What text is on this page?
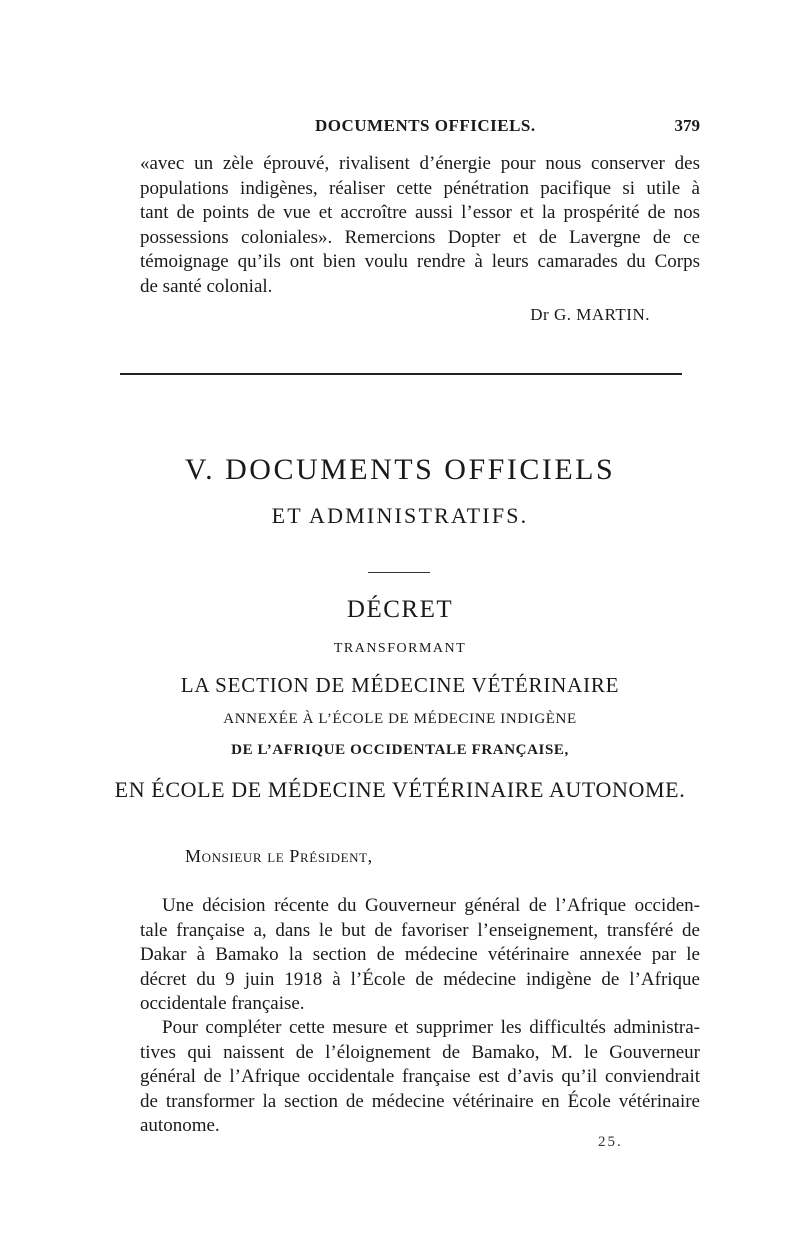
DOCUMENTS OFFICIELS.	379
«avec un zèle éprouvé, rivalisent d’énergie pour nous conserver des
populations indigènes, réaliser cette pénétration pacifique si utile à
tant de points de vue et accroître aussi l’essor et la prospérité de nos
possessions coloniales». Remercions Dopter et de Lavergne de ce
témoignage qu’ils ont bien voulu rendre à leurs camarades du Corps
de santé colonial.
Dr G. MARTIN.
V. DOCUMENTS OFFICIELS
ET ADMINISTRATIFS.
DÉCRET
TRANSFORMANT
LA SECTION DE MÉDECINE VÉTÉRINAIRE
ANNEXÉE À L’ÉCOLE DE MÉDECINE INDIGÈNE
DE L’AFRIQUE OCCIDENTALE FRANÇAISE,
EN ÉCOLE DE MÉDECINE VÉTÉRINAIRE AUTONOME.
Monsieur le Président,
Une décision récente du Gouverneur général de l’Afrique occiden-
tale française a, dans le but de favoriser l’enseignement, transféré de
Dakar à Bamako la section de médecine vétérinaire annexée par le
décret du 9 juin 1918 à l’École de médecine indigène de l’Afrique
occidentale française.
Pour compléter cette mesure et supprimer les difficultés administra-
tives qui naissent de l’éloignement de Bamako, M. le Gouverneur
général de l’Afrique occidentale française est d’avis qu’il conviendrait
de transformer la section de médecine vétérinaire en École vétérinaire
autonome.
25.
